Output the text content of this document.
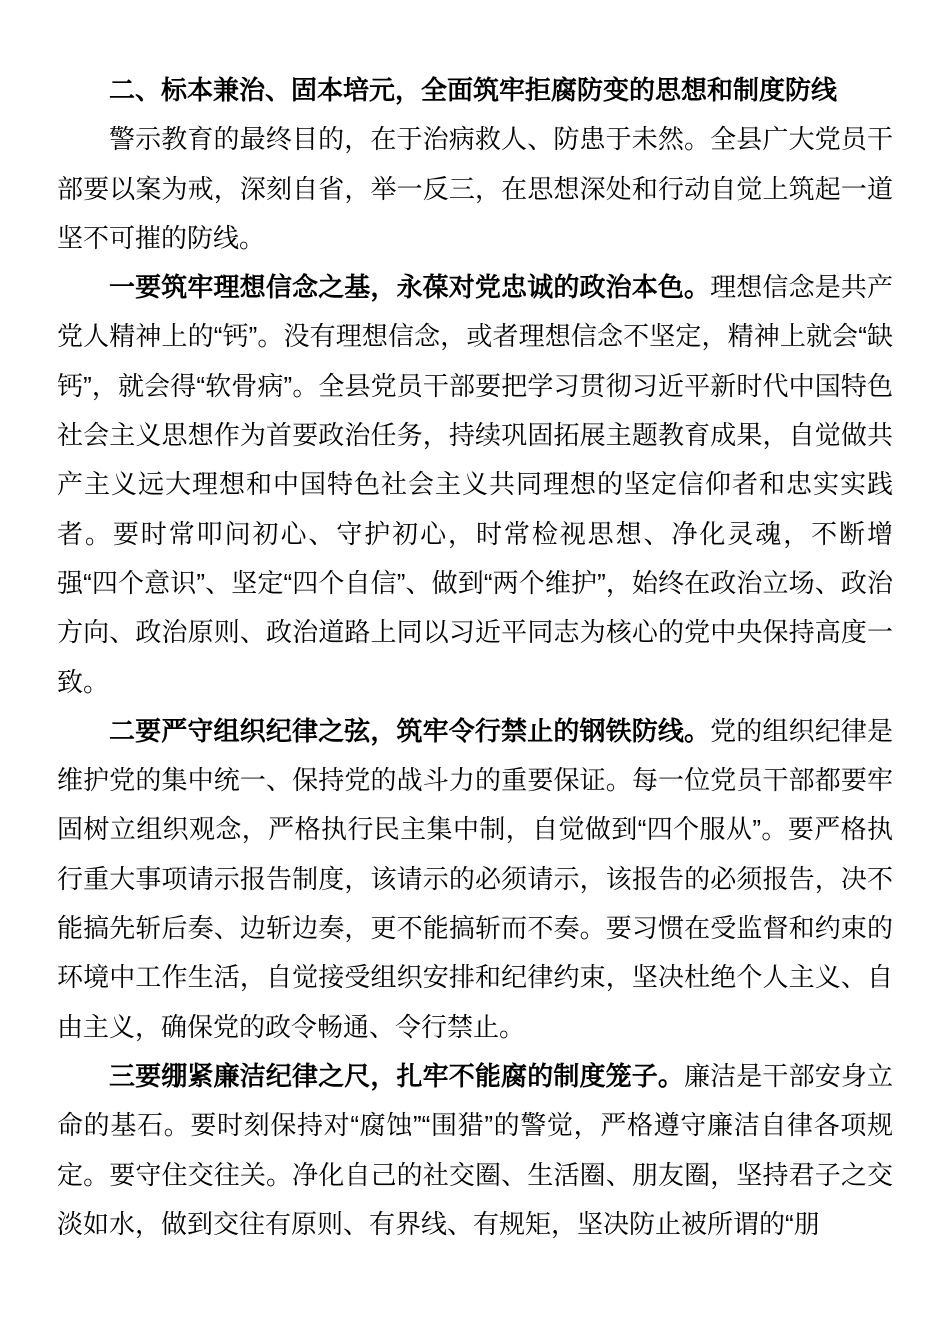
二、标本兼治、固本培元，全面筑牢拒腐防变的思想和制度防线

警示教育的最终目的，在于治病救人、防患于未然。全县广大党员干部要以案为戒，深刻自省，举一反三，在思想深处和行动自觉上筑起一道坚不可摧的防线。

一要筑牢理想信念之基，永葆对党忠诚的政治本色。理想信念是共产党人精神上的“钙”。没有理想信念，或者理想信念不坚定，精神上就会“缺钙”，就会得“软骨病”。全县党员干部要把学习贯彻习近平新时代中国特色社会主义思想作为首要政治任务，持续巩固拓展主题教育成果，自觉做共产主义远大理想和中国特色社会主义共同理想的坚定信仰者和忠实实践者。要时常叩问初心、守护初心，时常检视思想、净化灵魂，不断增强“四个意识”、坚定“四个自信”、做到“两个维护”，始终在政治立场、政治方向、政治原则、政治道路上同以习近平同志为核心的党中央保持高度一致。

二要严守组织纪律之弦，筑牢令行禁止的钢铁防线。党的组织纪律是维护党的集中统一、保持党的战斗力的重要保证。每一位党员干部都要牢固树立组织观念，严格执行民主集中制，自觉做到“四个服从”。要严格执行重大事项请示报告制度，该请示的必须请示，该报告的必须报告，决不能搞先斩后奏、边斩边奏，更不能搞斩而不奏。要习惯在受监督和约束的环境中工作生活，自觉接受组织安排和纪律约束，坚决杜绝个人主义、自由主义，确保党的政令畅通、令行禁止。

三要绷紧廉洁纪律之尺，扎牢不能腐的制度笼子。廉洁是干部安身立命的基石。要时刻保持对“腐蚀”“围猎”的警觉，严格遵守廉洁自律各项规定。要守住交往关。净化自己的社交圈、生活圈、朋友圈，坚持君子之交淡如水，做到交往有原则、有界线、有规矩，坚决防止被所谓的“朋
